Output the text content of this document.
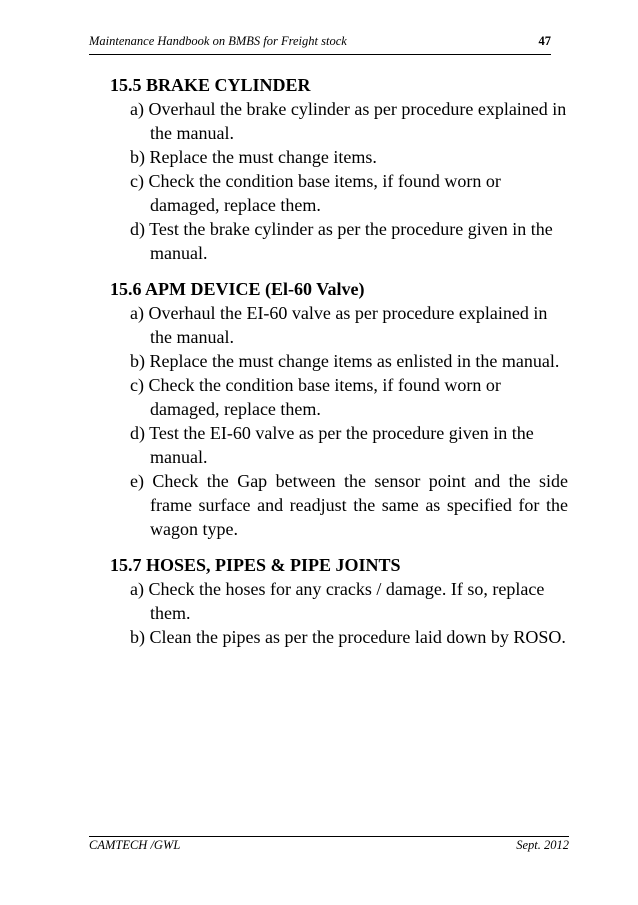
Maintenance Handbook on BMBS for Freight stock	47

15.5 BRAKE CYLINDER

a) Overhaul the brake cylinder as per procedure explained in the manual.
b) Replace the must change items.
c) Check the condition base items, if found worn or damaged, replace them.
d) Test the brake cylinder as per the procedure given in the manual.

15.6 APM DEVICE (El-60 Valve)

a) Overhaul the EI-60 valve as per procedure explained in the manual.
b) Replace the must change items as enlisted in the manual.
c) Check the condition base items, if found worn or damaged, replace them.
d) Test the EI-60 valve as per the procedure given in the manual.
e) Check the Gap between the sensor point and the side frame surface and readjust the same as specified for the wagon type.

15.7 HOSES, PIPES & PIPE JOINTS

a) Check the hoses for any cracks / damage. If so, replace them.
b) Clean the pipes as per the procedure laid down by ROSO.
CAMTECH /GWL	Sept. 2012
